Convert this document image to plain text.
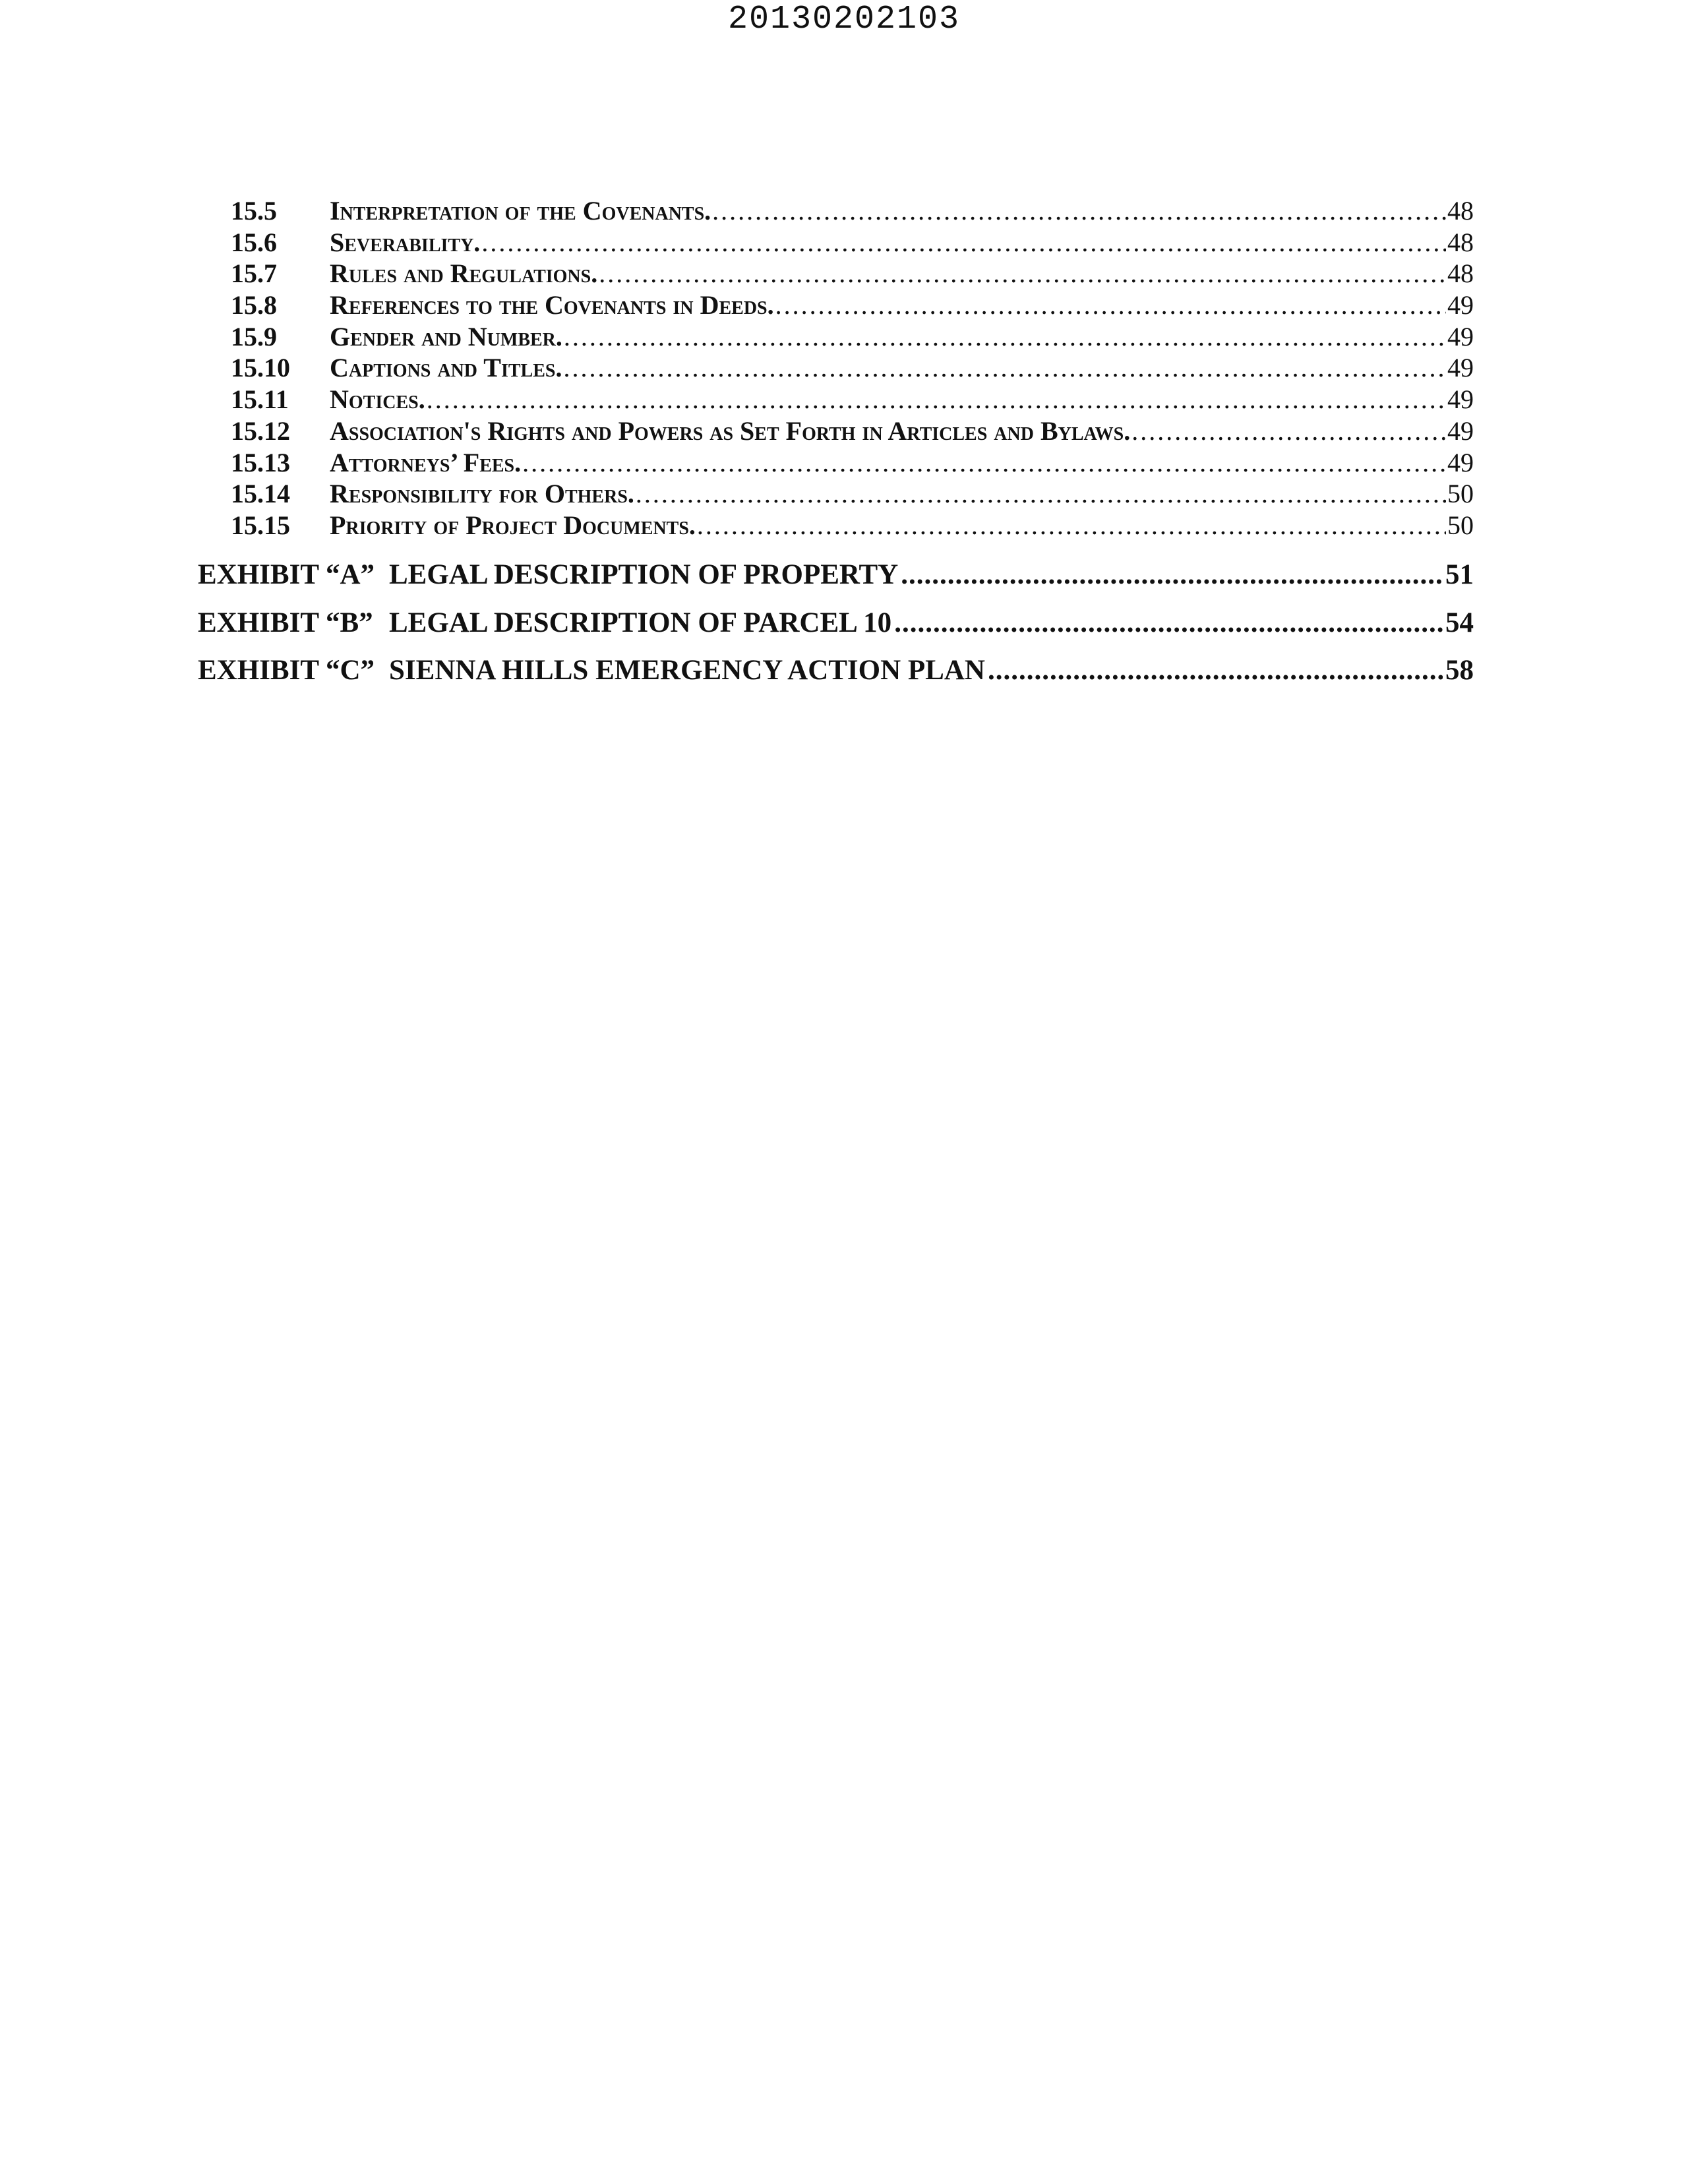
20130202103
15.5 Interpretation of the Covenants. .....	48
15.6 Severability. .....	48
15.7 Rules and Regulations. .....	48
15.8 References to the Covenants in Deeds. .....	49
15.9 Gender and Number. .....	49
15.10 Captions and Titles. .....	49
15.11 Notices. .....	49
15.12 Association's Rights and Powers as Set Forth in Articles and Bylaws. .....	49
15.13 Attorneys’ Fees. .....	49
15.14 Responsibility for Others. .....	50
15.15 Priority of Project Documents. .....	50
EXHIBIT “A” LEGAL DESCRIPTION OF PROPERTY .....	51
EXHIBIT “B” LEGAL DESCRIPTION OF PARCEL 10 .....	54
EXHIBIT “C” SIENNA HILLS EMERGENCY ACTION PLAN .....	58
